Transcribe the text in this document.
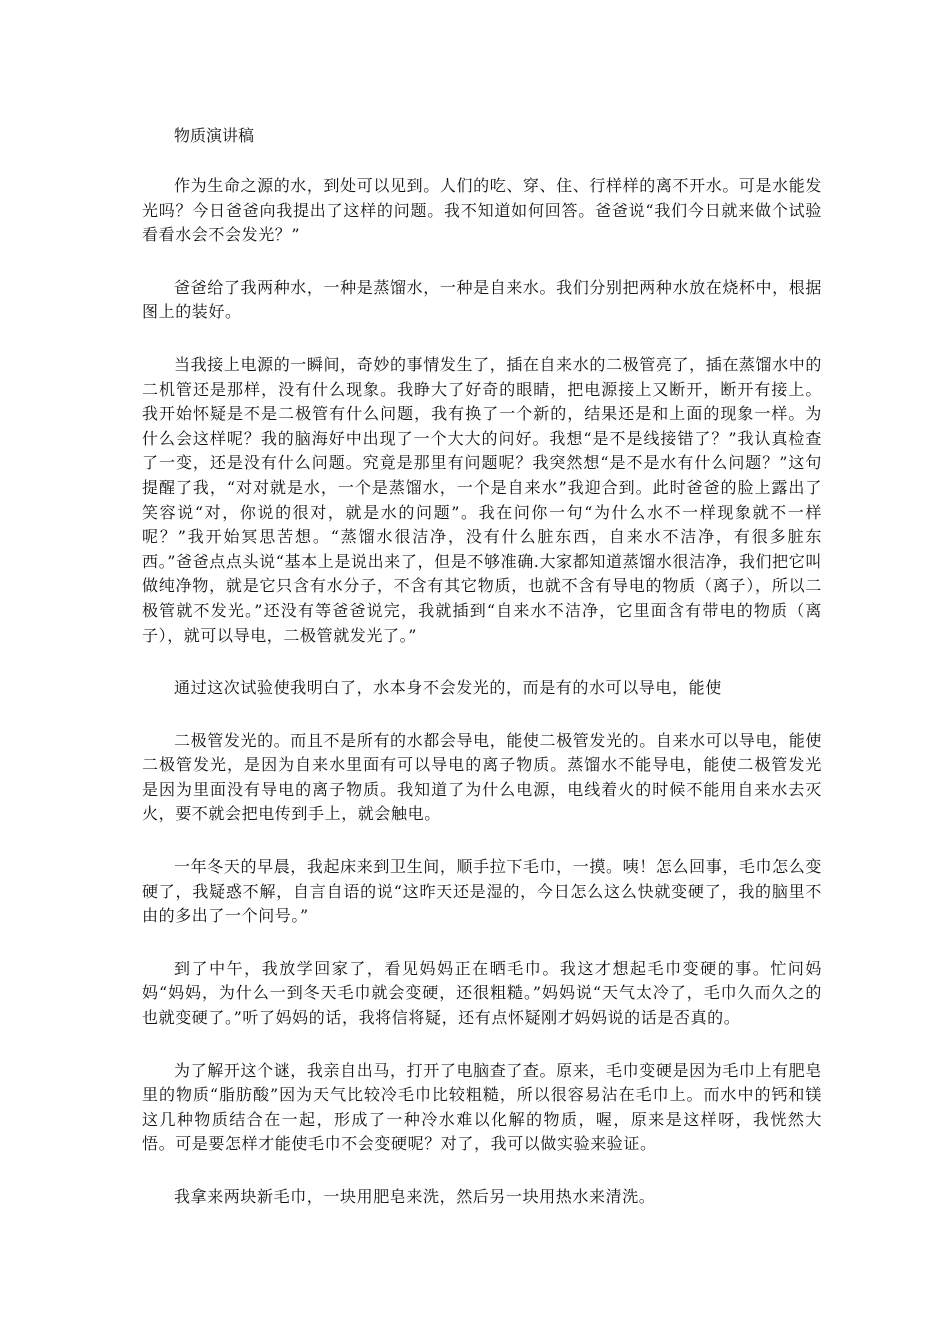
物质演讲稿

作为生命之源的水，到处可以见到。人们的吃、穿、住、行样样的离不开水。可是水能发光吗？今日爸爸向我提出了这样的问题。我不知道如何回答。爸爸说“我们今日就来做个试验看看水会不会发光？”

爸爸给了我两种水，一种是蒸馏水，一种是自来水。我们分别把两种水放在烧杯中，根据图上的装好。

当我接上电源的一瞬间，奇妙的事情发生了，插在自来水的二极管亮了，插在蒸馏水中的二机管还是那样，没有什么现象。我睁大了好奇的眼睛，把电源接上又断开，断开有接上。我开始怀疑是不是二极管有什么问题，我有换了一个新的，结果还是和上面的现象一样。为什么会这样呢？我的脑海好中出现了一个大大的问好。我想“是不是线接错了？”我认真检查了一变，还是没有什么问题。究竟是那里有问题呢？我突然想“是不是水有什么问题？”这句提醒了我，“对对就是水，一个是蒸馏水，一个是自来水”我迎合到。此时爸爸的脸上露出了笑容说“对，你说的很对，就是水的问题”。我在问你一句“为什么水不一样现象就不一样呢？”我开始冥思苦想。“蒸馏水很洁净，没有什么脏东西，自来水不洁净，有很多脏东西。”爸爸点点头说“基本上是说出来了，但是不够准确.大家都知道蒸馏水很洁净，我们把它叫做纯净物，就是它只含有水分子，不含有其它物质，也就不含有导电的物质（离子），所以二极管就不发光。”还没有等爸爸说完，我就插到“自来水不洁净，它里面含有带电的物质（离子），就可以导电，二极管就发光了。”

通过这次试验使我明白了，水本身不会发光的，而是有的水可以导电，能使

二极管发光的。而且不是所有的水都会导电，能使二极管发光的。自来水可以导电，能使二极管发光，是因为自来水里面有可以导电的离子物质。蒸馏水不能导电，能使二极管发光是因为里面没有导电的离子物质。我知道了为什么电源，电线着火的时候不能用自来水去灭火，要不就会把电传到手上，就会触电。

一年冬天的早晨，我起床来到卫生间，顺手拉下毛巾，一摸。咦！怎么回事，毛巾怎么变硬了，我疑惑不解，自言自语的说“这昨天还是湿的，今日怎么这么快就变硬了，我的脑里不由的多出了一个问号。”

到了中午，我放学回家了，看见妈妈正在晒毛巾。我这才想起毛巾变硬的事。忙问妈妈“妈妈，为什么一到冬天毛巾就会变硬，还很粗糙。”妈妈说“天气太冷了，毛巾久而久之的也就变硬了。”听了妈妈的话，我将信将疑，还有点怀疑刚才妈妈说的话是否真的。

为了解开这个谜，我亲自出马，打开了电脑查了查。原来，毛巾变硬是因为毛巾上有肥皂里的物质“脂肪酸”因为天气比较冷毛巾比较粗糙，所以很容易沾在毛巾上。而水中的钙和镁这几种物质结合在一起，形成了一种冷水难以化解的物质，喔，原来是这样呀，我恍然大悟。可是要怎样才能使毛巾不会变硬呢？对了，我可以做实验来验证。

我拿来两块新毛巾，一块用肥皂来洗，然后另一块用热水来清洗。
